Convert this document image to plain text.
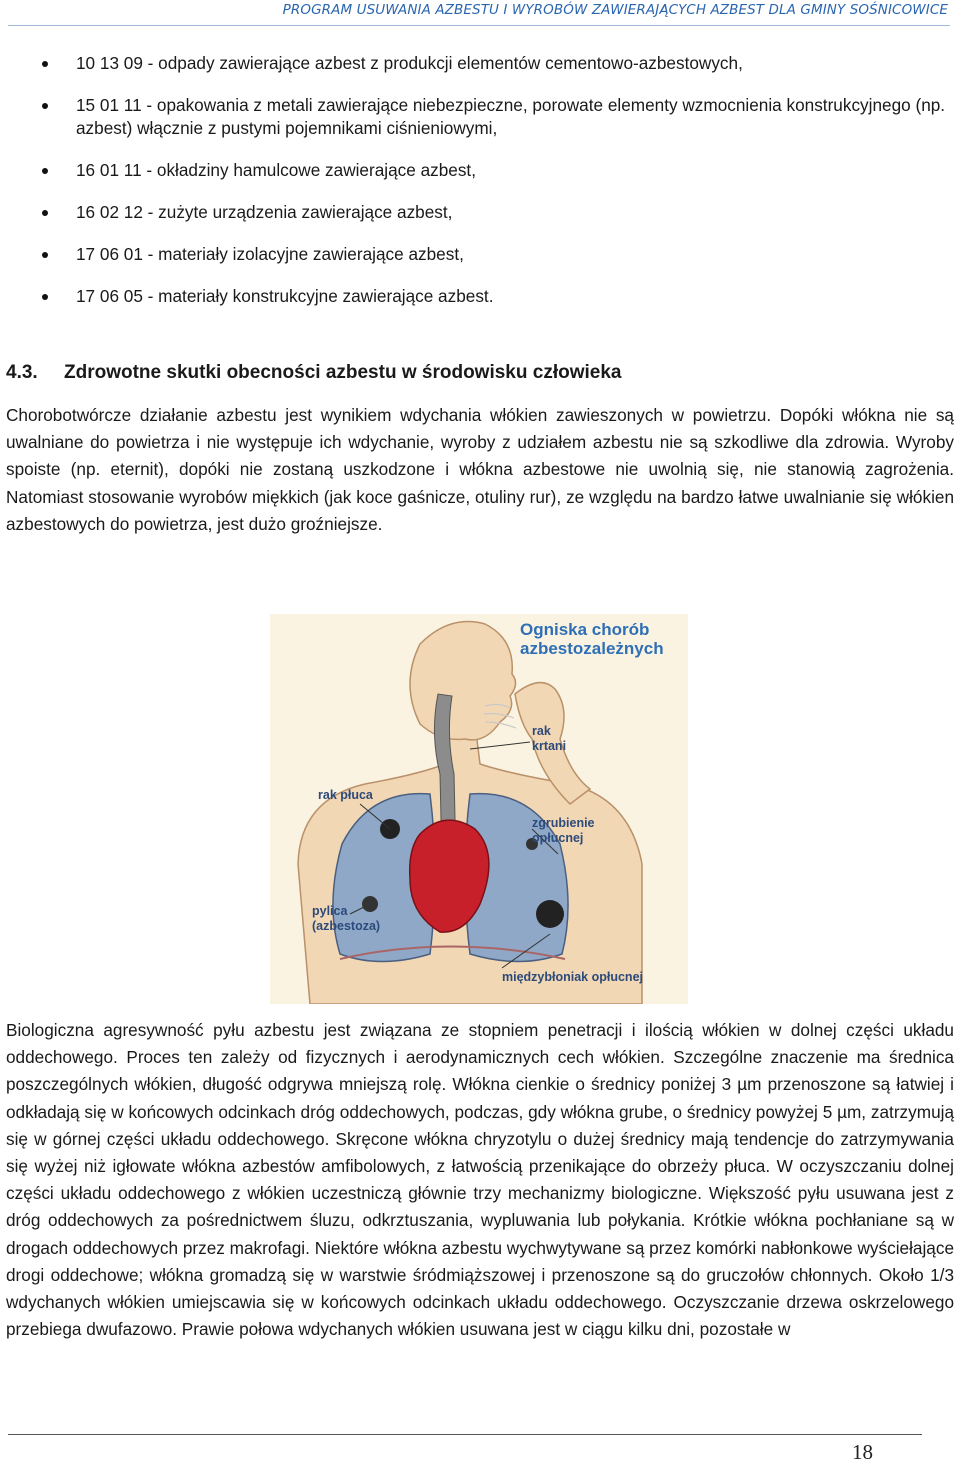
PROGRAM USUWANIA AZBESTU I WYROBÓW ZAWIERAJĄCYCH AZBEST DLA GMINY SOŚNICOWICE
10 13 09 - odpady zawierające azbest z produkcji elementów cementowo-azbestowych,
15 01 11 - opakowania z metali zawierające niebezpieczne, porowate elementy wzmocnienia konstrukcyjnego (np. azbest) włącznie z pustymi pojemnikami ciśnieniowymi,
16 01 11 - okładziny hamulcowe zawierające azbest,
16 02 12 - zużyte urządzenia zawierające azbest,
17 06 01 - materiały izolacyjne zawierające azbest,
17 06 05 - materiały konstrukcyjne zawierające azbest.
4.3. Zdrowotne skutki obecności azbestu w środowisku człowieka

Chorobotwórcze działanie azbestu jest wynikiem wdychania włókien zawieszonych w powietrzu. Dopóki włókna nie są uwalniane do powietrza i nie występuje ich wdychanie, wyroby z udziałem azbestu nie są szkodliwe dla zdrowia. Wyroby spoiste (np. eternit), dopóki nie zostaną uszkodzone i włókna azbestowe nie uwolnią się, nie stanowią zagrożenia. Natomiast stosowanie wyrobów miękkich (jak koce gaśnicze, otuliny rur), ze względu na bardzo łatwe uwalnianie się włókien azbestowych do powietrza, jest dużo groźniejsze.

Ogniska chorób
azbestozależnych
rak
krtani
rak płuca
zgrubienie
opłucnej
pylica
(azbestoza)
międzybłoniak opłucnej

Biologiczna agresywność pyłu azbestu jest związana ze stopniem penetracji i ilością włókien w dolnej części układu oddechowego. Proces ten zależy od fizycznych i aerodynamicznych cech włókien. Szczególne znaczenie ma średnica poszczególnych włókien, długość odgrywa mniejszą rolę. Włókna cienkie o średnicy poniżej 3 µm przenoszone są łatwiej i odkładają się w końcowych odcinkach dróg oddechowych, podczas, gdy włókna grube, o średnicy powyżej 5 µm, zatrzymują się w górnej części układu oddechowego. Skręcone włókna chryzotylu o dużej średnicy mają tendencje do zatrzymywania się wyżej niż igłowate włókna azbestów amfibolowych, z łatwością przenikające do obrzeży płuca. W oczyszczaniu dolnej części układu oddechowego z włókien uczestniczą głównie trzy mechanizmy biologiczne. Większość pyłu usuwana jest z dróg oddechowych za pośrednictwem śluzu, odkrztuszania, wypluwania lub połykania. Krótkie włókna pochłaniane są w drogach oddechowych przez makrofagi. Niektóre włókna azbestu wychwytywane są przez komórki nabłonkowe wyściełające drogi oddechowe; włókna gromadzą się w warstwie śródmiąższowej i przenoszone są do gruczołów chłonnych. Około 1/3 wdychanych włókien umiejscawia się w końcowych odcinkach układu oddechowego. Oczyszczanie drzewa oskrzelowego przebiega dwufazowo. Prawie połowa wdychanych włókien usuwana jest w ciągu kilku dni, pozostałe w

18
